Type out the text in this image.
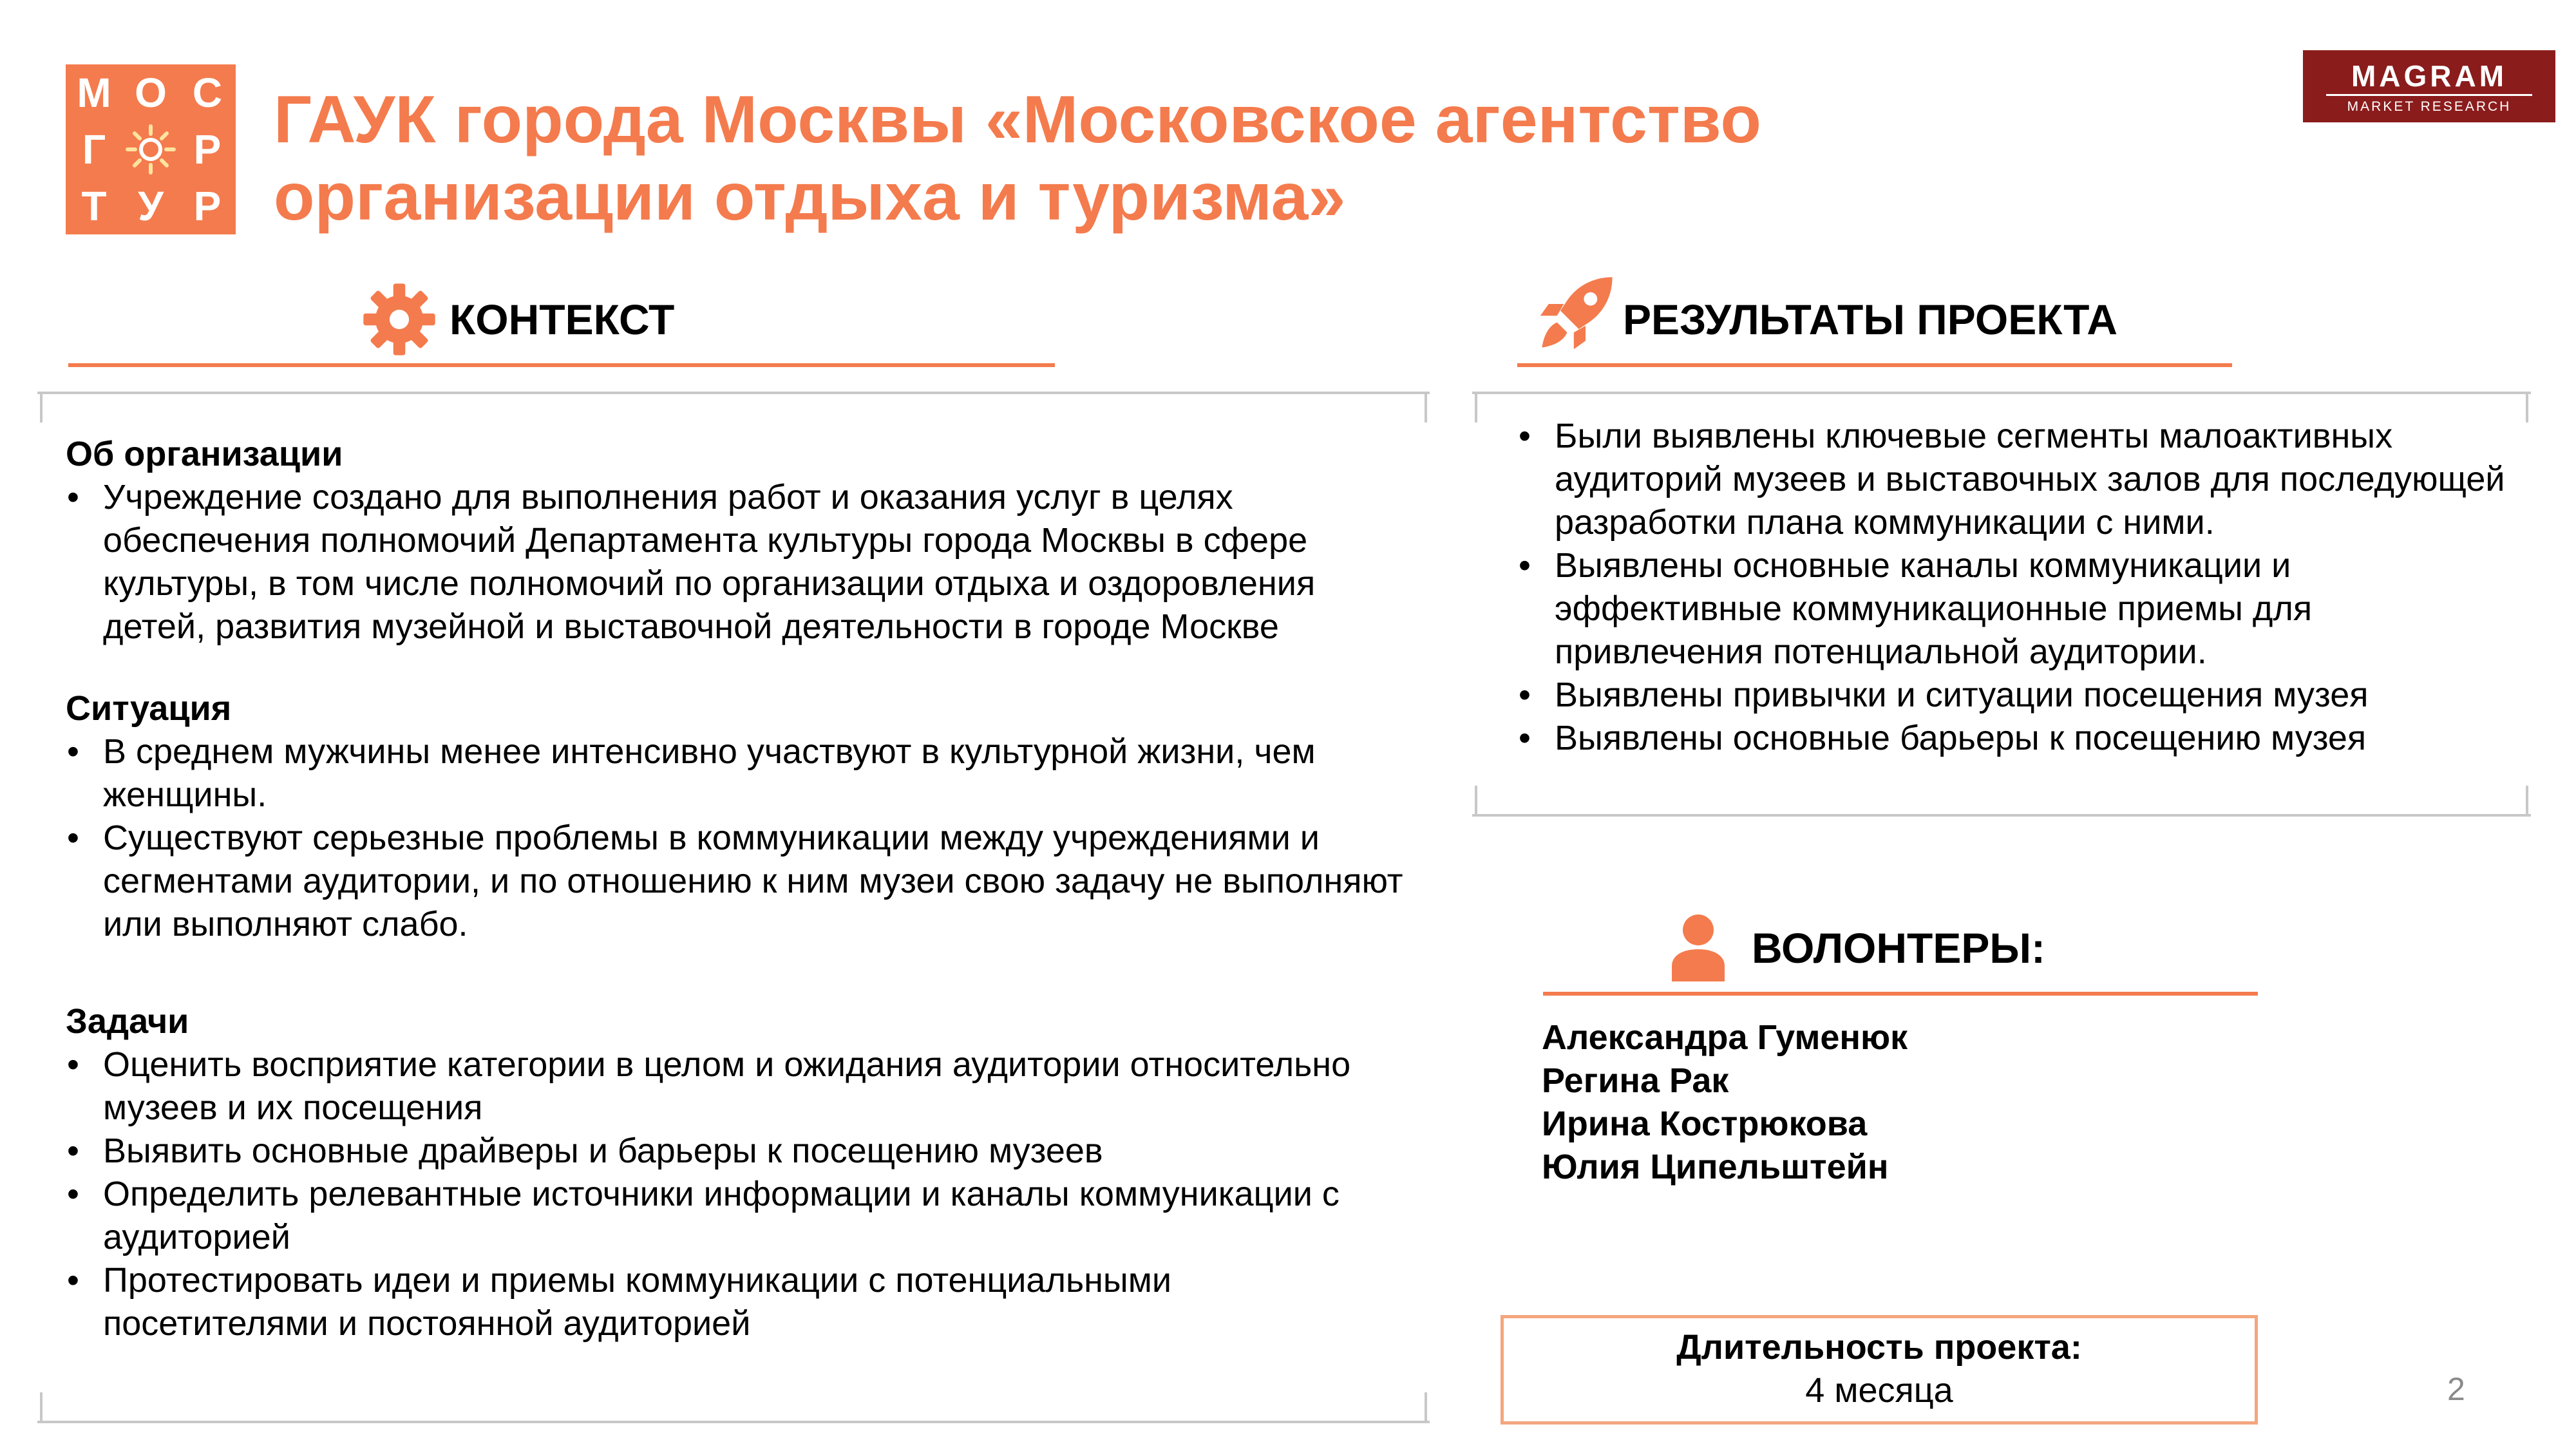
М О С
Г	Р
Т У Р
ГАУК города Москвы «Московское агентство
организации отдыха и туризма»
MAGRAM
MARKET RESEARCH
КОНТЕКСТ
Об организации
• Учреждение создано для выполнения работ и оказания услуг в целях обеспечения полномочий Департамента культуры города Москвы в сфере культуры, в том числе полномочий по организации отдыха и оздоровления детей, развития музейной и выставочной деятельности в городе Москве
Ситуация
• В среднем мужчины менее интенсивно участвуют в культурной жизни, чем женщины.
• Существуют серьезные проблемы в коммуникации между учреждениями и сегментами аудитории, и по отношению к ним музеи свою задачу не выполняют или выполняют слабо.
Задачи
• Оценить восприятие категории в целом и ожидания аудитории относительно музеев и их посещения
• Выявить основные драйверы и барьеры к посещению музеев
• Определить релевантные источники информации и каналы коммуникации с аудиторией
• Протестировать идеи и приемы коммуникации с потенциальными посетителями и постоянной аудиторией
РЕЗУЛЬТАТЫ ПРОЕКТА
• Были выявлены ключевые сегменты малоактивных аудиторий музеев и выставочных залов для последующей разработки плана коммуникации с ними.
• Выявлены основные каналы коммуникации и эффективные коммуникационные приемы для привлечения потенциальной аудитории.
• Выявлены привычки и ситуации посещения музея
• Выявлены основные барьеры к посещению музея
ВОЛОНТЕРЫ:
Александра Гуменюк
Регина Рак
Ирина Кострюкова
Юлия Ципельштейн
Длительность проекта:
4 месяца	2
